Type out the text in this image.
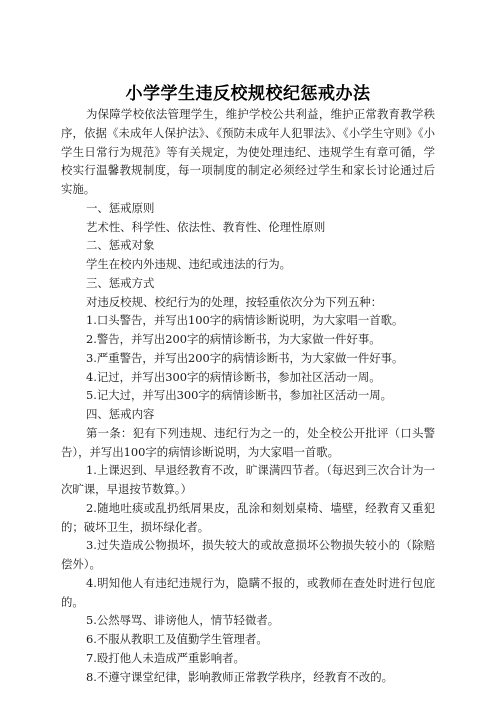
小学学生违反校规校纪惩戒办法

为保障学校依法管理学生，维护学校公共利益，维护正常教育教学秩序，依据《未成年人保护法》、《预防未成年人犯罪法》、《小学生守则》《小学生日常行为规范》等有关规定，为使处理违纪、违规学生有章可循，学校实行温馨教规制度，每一项制度的制定必须经过学生和家长讨论通过后实施。

一、惩戒原则

艺术性、科学性、依法性、教育性、伦理性原则

二、惩戒对象

学生在校内外违规、违纪或违法的行为。

三、惩戒方式

对违反校规、校纪行为的处理，按轻重依次分为下列五种：

1.口头警告，并写出100字的病情诊断说明，为大家唱一首歌。

2.警告，并写出200字的病情诊断书，为大家做一件好事。

3.严重警告，并写出200字的病情诊断书，为大家做一件好事。

4.记过，并写出300字的病情诊断书，参加社区活动一周。

5.记大过，并写出300字的病情诊断书，参加社区活动一周。

四、惩戒内容

第一条：犯有下列违规、违纪行为之一的，处全校公开批评（口头警告），并写出100字的病情诊断说明，为大家唱一首歌。

1.上课迟到、早退经教育不改，旷课满四节者。（每迟到三次合计为一次旷课，早退按节数算。）

2.随地吐痰或乱扔纸屑果皮，乱涂和刻划桌椅、墙壁，经教育又重犯的；破坏卫生，损坏绿化者。

3.过失造成公物损坏，损失较大的或故意损坏公物损失较小的（除赔偿外）。

4.明知他人有违纪违规行为，隐瞒不报的，或教师在查处时进行包庇的。

5.公然辱骂、诽谤他人，情节轻微者。

6.不服从教职工及值勤学生管理者。

7.殴打他人未造成严重影响者。

8.不遵守课堂纪律，影响教师正常教学秩序，经教育不改的。
